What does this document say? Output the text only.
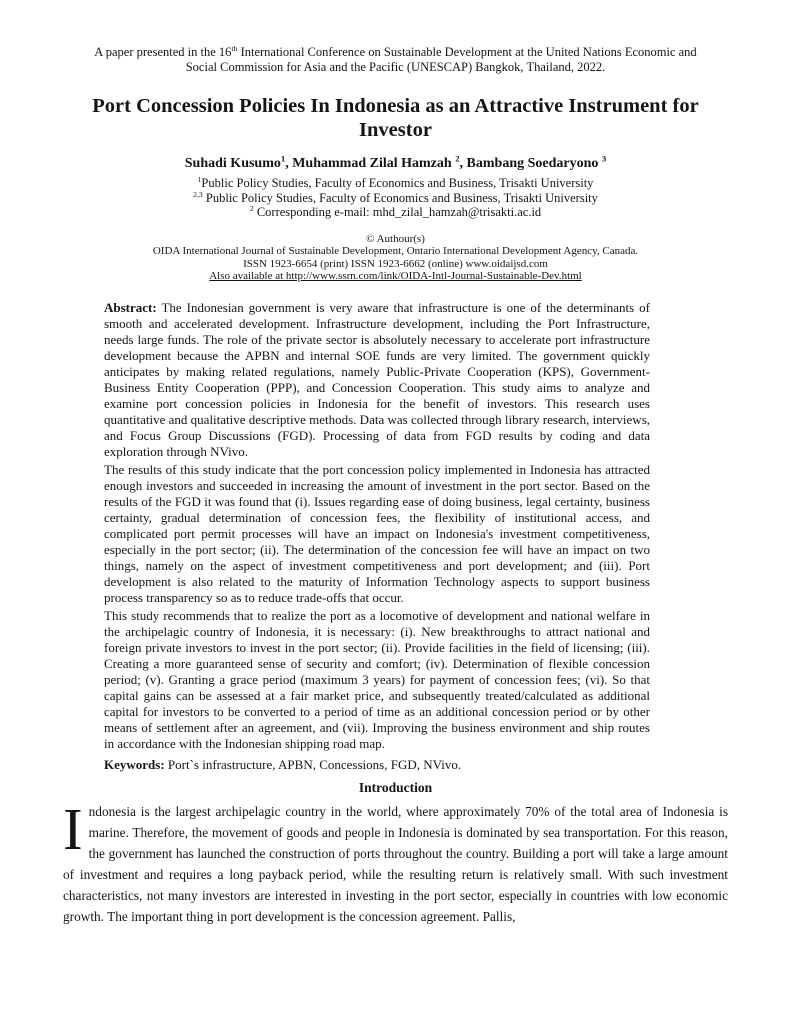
A paper presented in the 16th International Conference on Sustainable Development at the United Nations Economic and Social Commission for Asia and the Pacific (UNESCAP) Bangkok, Thailand, 2022.
Port Concession Policies In Indonesia as an Attractive Instrument for Investor
Suhadi Kusumo$^1$, Muhammad Zilal Hamzah $^2$, Bambang Soedaryono $^3$
$^1$Public Policy Studies, Faculty of Economics and Business, Trisakti University
$^{2,3}$ Public Policy Studies, Faculty of Economics and Business, Trisakti University
$^2$ Corresponding e-mail: mhd_zilal_hamzah@trisakti.ac.id
© Authour(s)
OIDA International Journal of Sustainable Development, Ontario International Development Agency, Canada.
ISSN 1923-6654 (print) ISSN 1923-6662 (online) www.oidaijsd.com
Also available at http://www.ssrn.com/link/OIDA-Intl-Journal-Sustainable-Dev.html

Abstract: The Indonesian government is very aware that infrastructure is one of the determinants of smooth and accelerated development. Infrastructure development, including the Port Infrastructure, needs large funds. The role of the private sector is absolutely necessary to accelerate port infrastructure development because the APBN and internal SOE funds are very limited. The government quickly anticipates by making related regulations, namely Public-Private Cooperation (KPS), Government-Business Entity Cooperation (PPP), and Concession Cooperation. This study aims to analyze and examine port concession policies in Indonesia for the benefit of investors. This research uses quantitative and qualitative descriptive methods. Data was collected through library research, interviews, and Focus Group Discussions (FGD). Processing of data from FGD results by coding and data exploration through NVivo.

The results of this study indicate that the port concession policy implemented in Indonesia has attracted enough investors and succeeded in increasing the amount of investment in the port sector. Based on the results of the FGD it was found that (i). Issues regarding ease of doing business, legal certainty, business certainty, gradual determination of concession fees, the flexibility of institutional access, and complicated port permit processes will have an impact on Indonesia's investment competitiveness, especially in the port sector; (ii). The determination of the concession fee will have an impact on two things, namely on the aspect of investment competitiveness and port development; and (iii). Port development is also related to the maturity of Information Technology aspects to support business process transparency so as to reduce trade-offs that occur.

This study recommends that to realize the port as a locomotive of development and national welfare in the archipelagic country of Indonesia, it is necessary: (i). New breakthroughs to attract national and foreign private investors to invest in the port sector; (ii). Provide facilities in the field of licensing; (iii). Creating a more guaranteed sense of security and comfort; (iv). Determination of flexible concession period; (v). Granting a grace period (maximum 3 years) for payment of concession fees; (vi). So that capital gains can be assessed at a fair market price, and subsequently treated/calculated as additional capital for investors to be converted to a period of time as an additional concession period or by other means of settlement after an agreement, and (vii). Improving the business environment and ship routes in accordance with the Indonesian shipping road map.

Keywords: Port`s infrastructure, APBN, Concessions, FGD, NVivo.
Introduction

Indonesia is the largest archipelagic country in the world, where approximately 70% of the total area of Indonesia is marine. Therefore, the movement of goods and people in Indonesia is dominated by sea transportation. For this reason, the government has launched the construction of ports throughout the country. Building a port will take a large amount of investment and requires a long payback period, while the resulting return is relatively small. With such investment characteristics, not many investors are interested in investing in the port sector, especially in countries with low economic growth. The important thing in port development is the concession agreement. Pallis,
